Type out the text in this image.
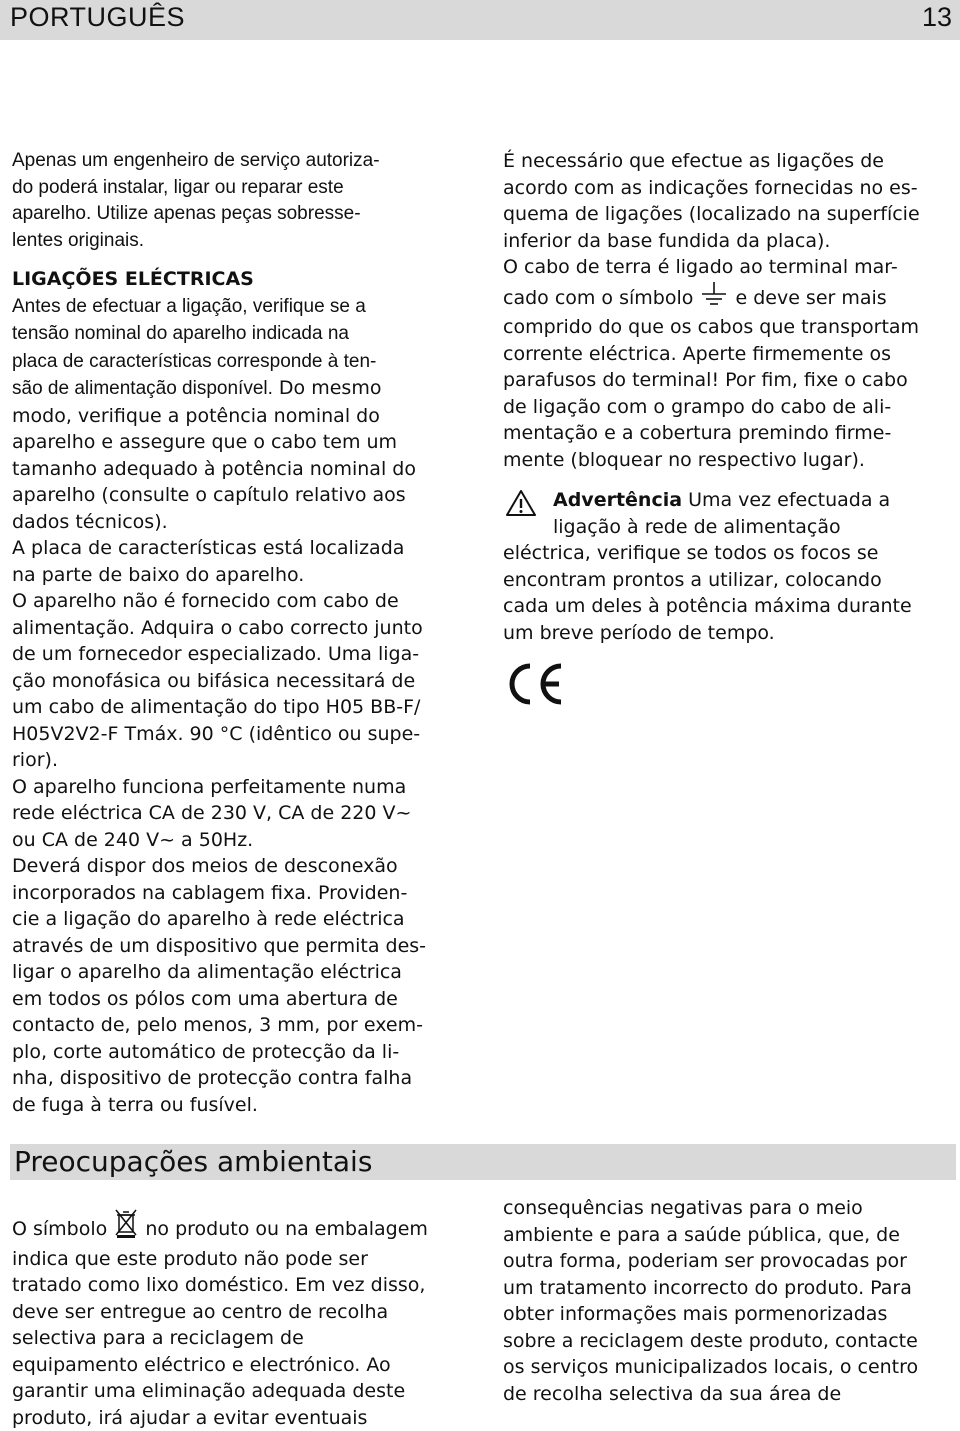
PORTUGUÊS	13

Apenas um engenheiro de serviço autoriza-
do poderá instalar, ligar ou reparar este
aparelho. Utilize apenas peças sobresse-
lentes originais.

LIGAÇÕES ELÉCTRICAS

Antes de efectuar a ligação, verifique se a
tensão nominal do aparelho indicada na
placa de características corresponde à ten-
são de alimentação disponível. Do mesmo
modo, verifique a potência nominal do
aparelho e assegure que o cabo tem um
tamanho adequado à potência nominal do
aparelho (consulte o capítulo relativo aos
dados técnicos).

A placa de características está localizada
na parte de baixo do aparelho.

O aparelho não é fornecido com cabo de
alimentação. Adquira o cabo correcto junto
de um fornecedor especializado. Uma liga-
ção monofásica ou bifásica necessitará de
um cabo de alimentação do tipo H05 BB-F/
H05V2V2-F Tmáx. 90 °C (idêntico ou supe-
rior).

O aparelho funciona perfeitamente numa
rede eléctrica CA de 230 V, CA de 220 V~
ou CA de 240 V~ a 50Hz.

Deverá dispor dos meios de desconexão
incorporados na cablagem fixa. Providen-
cie a ligação do aparelho à rede eléctrica
através de um dispositivo que permita des-
ligar o aparelho da alimentação eléctrica
em todos os pólos com uma abertura de
contacto de, pelo menos, 3 mm, por exem-
plo, corte automático de protecção da li-
nha, dispositivo de protecção contra falha
de fuga à terra ou fusível.

É necessário que efectue as ligações de
acordo com as indicações fornecidas no es-
quema de ligações (localizado na superfície
inferior da base fundida da placa).

O cabo de terra é ligado ao terminal mar-
cado com o símbolo e deve ser mais
comprido do que os cabos que transportam
corrente eléctrica. Aperte firmemente os
parafusos do terminal! Por fim, fixe o cabo
de ligação com o grampo do cabo de ali-
mentação e a cobertura premindo firme-
mente (bloquear no respectivo lugar).

Advertência Uma vez efectuada a
ligação à rede de alimentação

eléctrica, verifique se todos os focos se
encontram prontos a utilizar, colocando
cada um deles à potência máxima durante
um breve período de tempo.

Preocupações ambientais

O símbolo no produto ou na embalagem
indica que este produto não pode ser
tratado como lixo doméstico. Em vez disso,
deve ser entregue ao centro de recolha
selectiva para a reciclagem de
equipamento eléctrico e electrónico. Ao
garantir uma eliminação adequada deste
produto, irá ajudar a evitar eventuais

consequências negativas para o meio
ambiente e para a saúde pública, que, de
outra forma, poderiam ser provocadas por
um tratamento incorrecto do produto. Para
obter informações mais pormenorizadas
sobre a reciclagem deste produto, contacte
os serviços municipalizados locais, o centro
de recolha selectiva da sua área de
